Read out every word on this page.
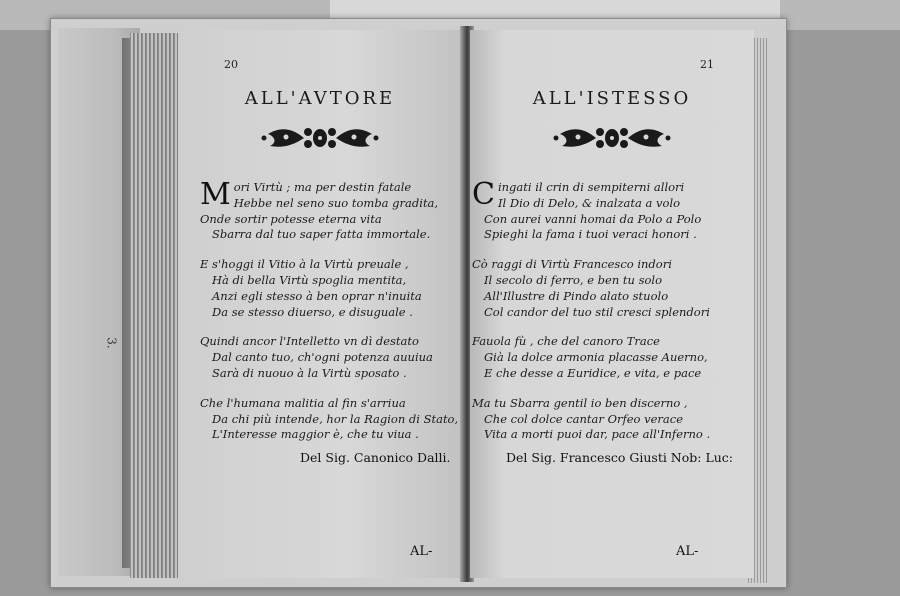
3.
20
ALL'AVTORE
M ori Virtù ; ma per destin fatale
Hebbe nel seno suo tomba gradita,
Onde sortir potesse eterna vita
Sbarra dal tuo saper fatta immortale.
E s'hoggi il Vitio à la Virtù preuale ,
Hà di bella Virtù spoglia mentita,
Anzi egli stesso à ben oprar n'inuita
Da se stesso diuerso, e disuguale .
Quindi ancor l'Intelletto vn dì destato
Dal canto tuo, ch'ogni potenza auuiua
Sarà di nuouo à la Virtù sposato .
Che l'humana malitia al fin s'arriua
Da chi più intende, hor la Ragion di Stato,
L'Interesse maggior è, che tu viua .
Del Sig. Canonico Dalli.
AL-
21
ALL'ISTESSO
C ingati il crin di sempiterni allori
Il Dio di Delo, & inalzata a volo
Con aurei vanni homai da Polo a Polo
Spieghi la fama i tuoi veraci honori .
Cò raggi di Virtù Francesco indori
Il secolo di ferro, e ben tu solo
All'Illustre di Pindo alato stuolo
Col candor del tuo stil cresci splendori
Fauola fù , che del canoro Trace
Già la dolce armonia placasse Auerno,
E che desse a Euridice, e vita, e pace
Ma tu Sbarra gentil io ben discerno ,
Che col dolce cantar Orfeo verace
Vita a morti puoi dar, pace all'Inferno .
Del Sig. Francesco Giusti Nob: Luc:
AL-
